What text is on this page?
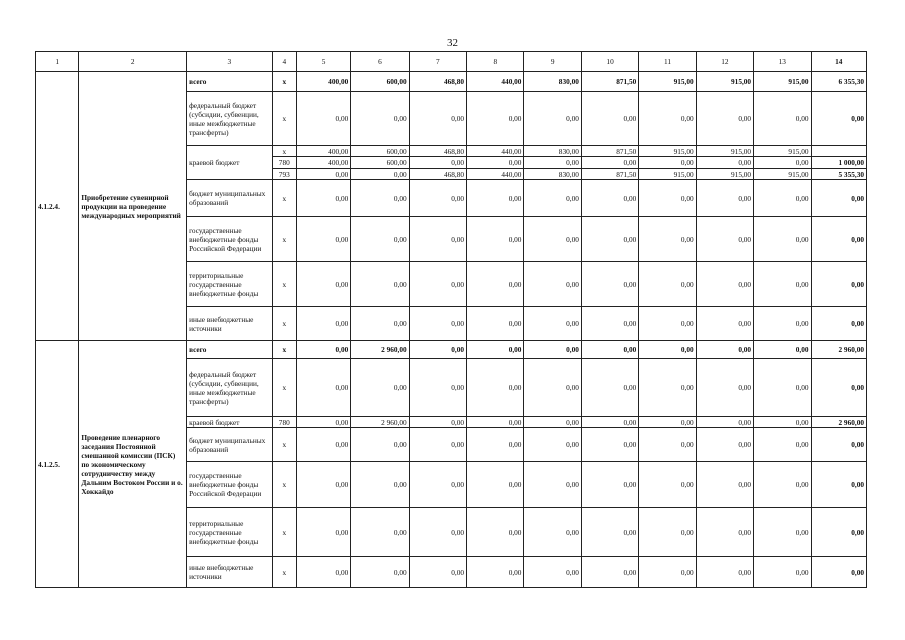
32
1	2	3	4	5	6	7	8	9	10	11	12	13	14
4.1.2.4.	Приобретение сувенирной продукции на проведение международных мероприятий	всего	х	400,00	600,00	468,80	440,00	830,00	871,50	915,00	915,00	915,00	6 355,30
		федеральный бюджет (субсидии, субвенции, иные межбюджетные трансферты)	х	0,00	0,00	0,00	0,00	0,00	0,00	0,00	0,00	0,00	0,00
		краевой бюджет	х	400,00	600,00	468,80	440,00	830,00	871,50	915,00	915,00	915,00	
			780	400,00	600,00	0,00	0,00	0,00	0,00	0,00	0,00	0,00	1 000,00
			793	0,00	0,00	468,80	440,00	830,00	871,50	915,00	915,00	915,00	5 355,30
		бюджет муниципальных образований	х	0,00	0,00	0,00	0,00	0,00	0,00	0,00	0,00	0,00	0,00
		государственные внебюджетные фонды Российской Федерации	х	0,00	0,00	0,00	0,00	0,00	0,00	0,00	0,00	0,00	0,00
		территориальные государственные внебюджетные фонды	х	0,00	0,00	0,00	0,00	0,00	0,00	0,00	0,00	0,00	0,00
		иные внебюджетные источники	х	0,00	0,00	0,00	0,00	0,00	0,00	0,00	0,00	0,00	0,00
4.1.2.5.	Проведение пленарного заседания Постоянной смешанной комиссии (ПСК) по экономическому сотрудничеству между Дальним Востоком России и о. Хоккайдо	всего	х	0,00	2 960,00	0,00	0,00	0,00	0,00	0,00	0,00	0,00	2 960,00
		федеральный бюджет (субсидии, субвенции, иные межбюджетные трансферты)	х	0,00	0,00	0,00	0,00	0,00	0,00	0,00	0,00	0,00	0,00
		краевой бюджет	780	0,00	2 960,00	0,00	0,00	0,00	0,00	0,00	0,00	0,00	2 960,00
		бюджет муниципальных образований	х	0,00	0,00	0,00	0,00	0,00	0,00	0,00	0,00	0,00	0,00
		государственные внебюджетные фонды Российской Федерации	х	0,00	0,00	0,00	0,00	0,00	0,00	0,00	0,00	0,00	0,00
		территориальные государственные внебюджетные фонды	х	0,00	0,00	0,00	0,00	0,00	0,00	0,00	0,00	0,00	0,00
		иные внебюджетные источники	х	0,00	0,00	0,00	0,00	0,00	0,00	0,00	0,00	0,00	0,00
